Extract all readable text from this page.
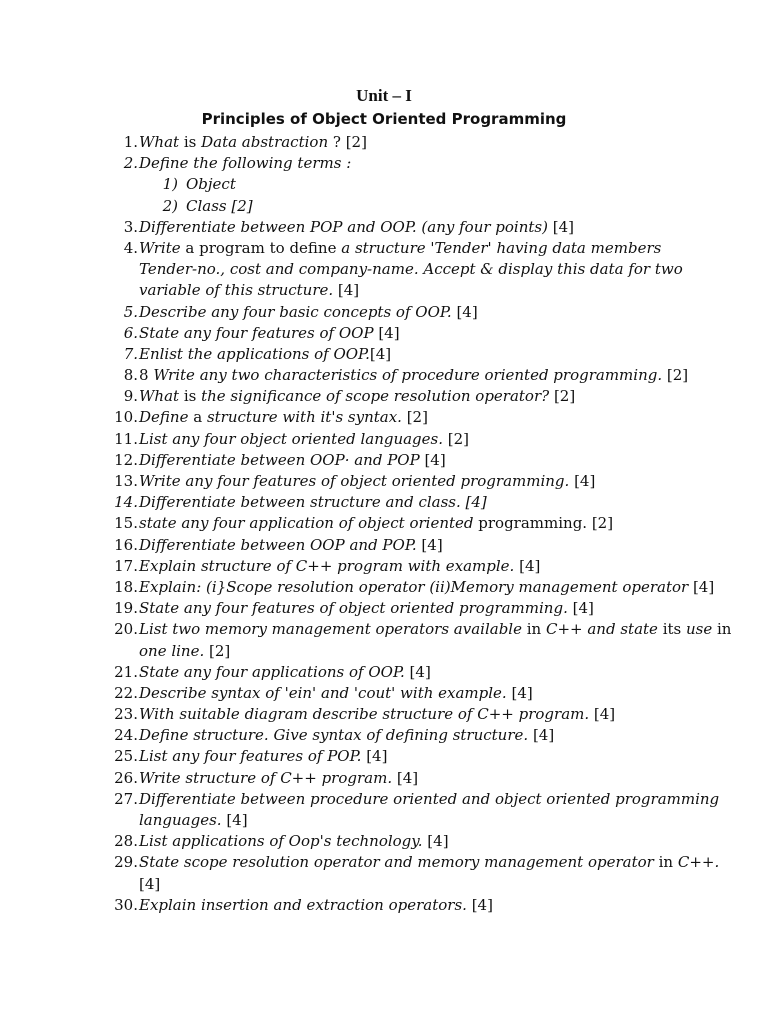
Unit – I
Principles of Object Oriented Programming
1. What is Data abstraction ? [2]
2. Define the following terms :
1) Object
2) Class [2]
3. Differentiate between POP and OOP. (any four points) [4]
4. Write a program to define a structure 'Tender' having data members
Tender-no., cost and company-name. Accept & display this data for two
variable of this structure. [4]
5. Describe any four basic concepts of OOP. [4]
6. State any four features of OOP [4]
7. Enlist the applications of OOP.[4]
8. 8 Write any two characteristics of procedure oriented programming. [2]
9. What is the significance of scope resolution operator? [2]
10. Define a structure with it's syntax. [2]
11. List any four object oriented languages. [2]
12. Differentiate between OOP· and POP [4]
13. Write any four features of object oriented programming. [4]
14. Differentiate between structure and class. [4]
15. state any four application of object oriented programming. [2]
16. Differentiate between OOP and POP. [4]
17. Explain structure of C++ program with example. [4]
18. Explain: (i}Scope resolution operator (ii)Memory management operator [4]
19. State any four features of object oriented programming. [4]
20. List two memory management operators available in C++ and state its use in
one line. [2]
21. State any four applications of OOP. [4]
22. Describe syntax of 'ein' and 'cout' with example. [4]
23. With suitable diagram describe structure of C++ program. [4]
24. Define structure. Give syntax of defining structure. [4]
25. List any four features of POP. [4]
26. Write structure of C++ program. [4]
27. Differentiate between procedure oriented and object oriented programming
languages. [4]
28. List applications of Oop's technology. [4]
29. State scope resolution operator and memory management operator in C++.
[4]
30. Explain insertion and extraction operators. [4]
